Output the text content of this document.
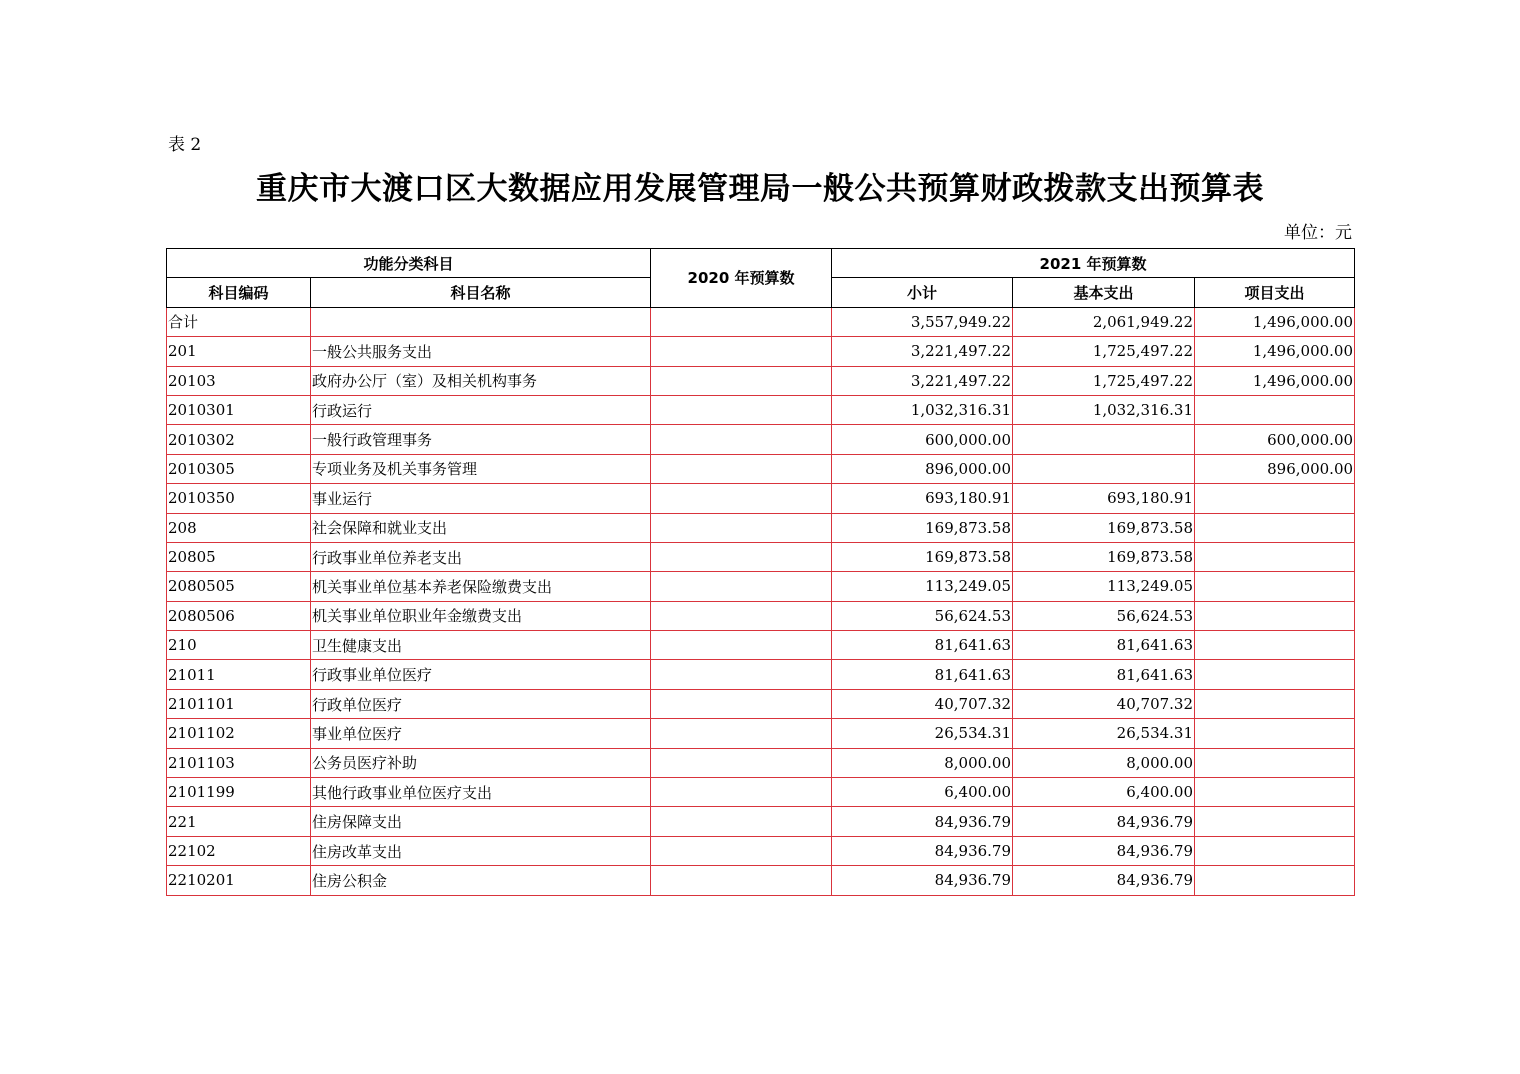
表 2
重庆市大渡口区大数据应用发展管理局一般公共预算财政拨款支出预算表
单位：元
功能分类科目		2020 年预算数	2021 年预算数		
科目编码	科目名称		小计	基本支出	项目支出
合计			3,557,949.22	2,061,949.22	1,496,000.00
201	一般公共服务支出		3,221,497.22	1,725,497.22	1,496,000.00
20103	政府办公厅（室）及相关机构事务		3,221,497.22	1,725,497.22	1,496,000.00
2010301	行政运行		1,032,316.31	1,032,316.31	
2010302	一般行政管理事务		600,000.00		600,000.00
2010305	专项业务及机关事务管理		896,000.00		896,000.00
2010350	事业运行		693,180.91	693,180.91	
208	社会保障和就业支出		169,873.58	169,873.58	
20805	行政事业单位养老支出		169,873.58	169,873.58	
2080505	机关事业单位基本养老保险缴费支出		113,249.05	113,249.05	
2080506	机关事业单位职业年金缴费支出		56,624.53	56,624.53	
210	卫生健康支出		81,641.63	81,641.63	
21011	行政事业单位医疗		81,641.63	81,641.63	
2101101	行政单位医疗		40,707.32	40,707.32	
2101102	事业单位医疗		26,534.31	26,534.31	
2101103	公务员医疗补助		8,000.00	8,000.00	
2101199	其他行政事业单位医疗支出		6,400.00	6,400.00	
221	住房保障支出		84,936.79	84,936.79	
22102	住房改革支出		84,936.79	84,936.79	
2210201	住房公积金		84,936.79	84,936.79	
